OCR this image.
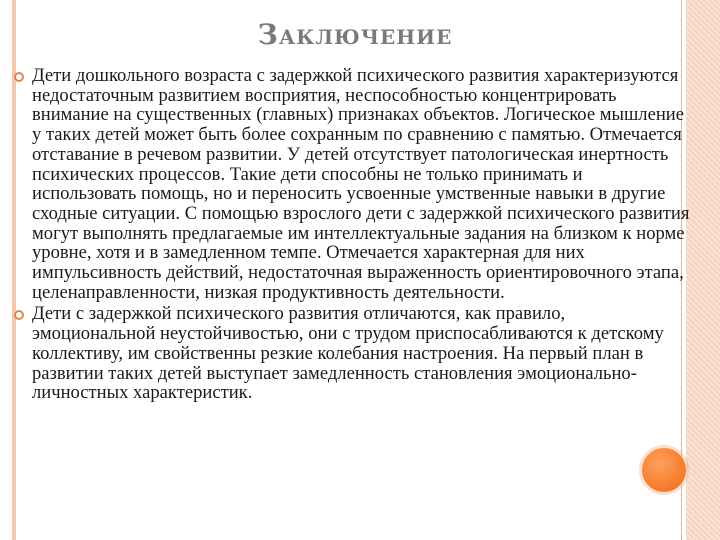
Заключение
Дети дошкольного возраста с задержкой психического развития характеризуются недостаточным развитием восприятия, неспособностью концентрировать внимание на существенных (главных) признаках объектов. Логическое мышление у таких детей может быть более сохранным по сравнению с памятью. Отмечается отставание в речевом развитии. У детей отсутствует патологическая инертность психических процессов. Такие дети способны не только принимать и использовать помощь, но и переносить усвоенные умственные навыки в другие сходные ситуации. С помощью взрослого дети с задержкой психического развития могут выполнять предлагаемые им интеллектуальные задания на близком к норме уровне, хотя и в замедленном темпе. Отмечается характерная для них импульсивность действий, недостаточная выраженность ориентировочного этапа, целенаправленности, низкая продуктивность деятельности.
Дети с задержкой психического развития отличаются, как правило, эмоциональной неустойчивостью, они с трудом приспосабливаются к детскому коллективу, им свойственны резкие колебания настроения. На первый план в развитии таких детей выступает замедленность становления эмоционально-личностных характеристик.
